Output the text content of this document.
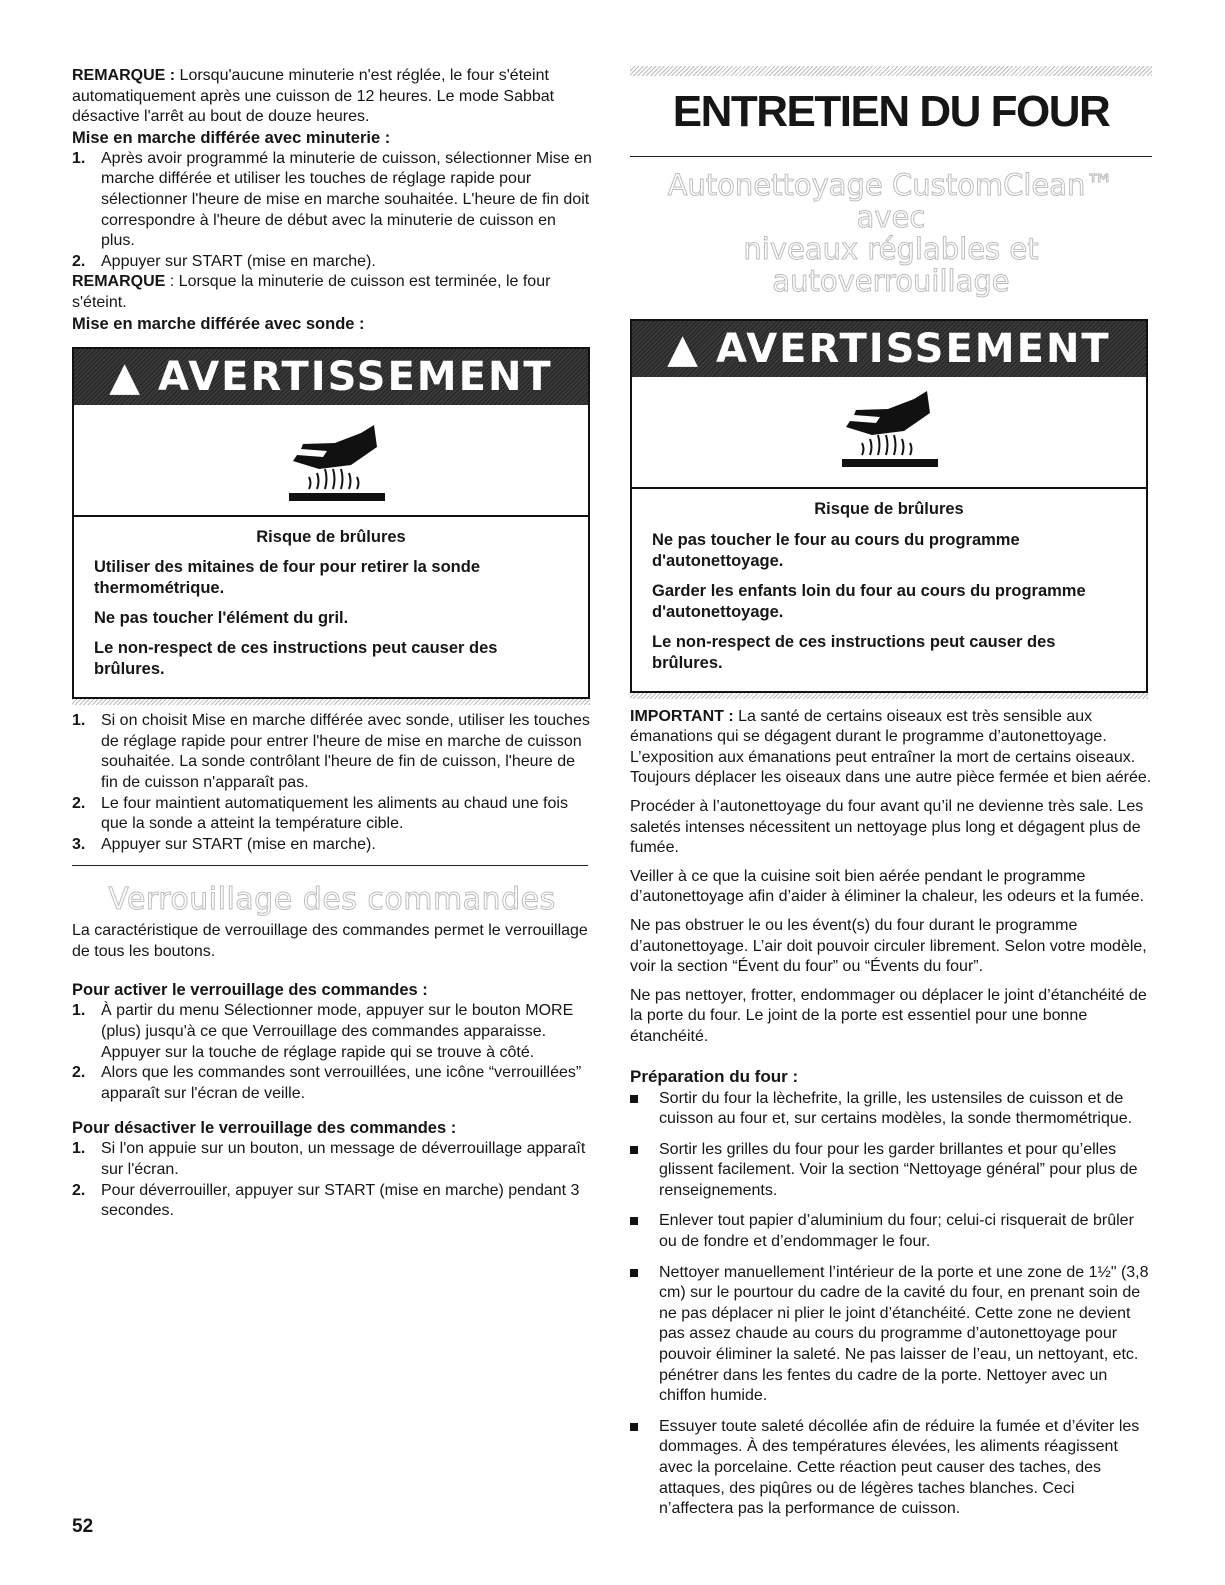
REMARQUE : Lorsqu'aucune minuterie n'est réglée, le four s'éteint automatiquement après une cuisson de 12 heures. Le mode Sabbat désactive l'arrêt au bout de douze heures.

Mise en marche différée avec minuterie :

1. Après avoir programmé la minuterie de cuisson, sélectionner Mise en marche différée et utiliser les touches de réglage rapide pour sélectionner l'heure de mise en marche souhaitée. L'heure de fin doit correspondre à l'heure de début avec la minuterie de cuisson en plus.
2. Appuyer sur START (mise en marche).

REMARQUE : Lorsque la minuterie de cuisson est terminée, le four s'éteint.

Mise en marche différée avec sonde :

▲ AVERTISSEMENT

Risque de brûlures

Utiliser des mitaines de four pour retirer la sonde thermométrique.

Ne pas toucher l'élément du gril.

Le non-respect de ces instructions peut causer des brûlures.

1. Si on choisit Mise en marche différée avec sonde, utiliser les touches de réglage rapide pour entrer l'heure de mise en marche de cuisson souhaitée. La sonde contrôlant l'heure de fin de cuisson, l'heure de fin de cuisson n'apparaît pas.
2. Le four maintient automatiquement les aliments au chaud une fois que la sonde a atteint la température cible.
3. Appuyer sur START (mise en marche).
Verrouillage des commandes

La caractéristique de verrouillage des commandes permet le verrouillage de tous les boutons.

Pour activer le verrouillage des commandes :

1. À partir du menu Sélectionner mode, appuyer sur le bouton MORE (plus) jusqu'à ce que Verrouillage des commandes apparaisse. Appuyer sur la touche de réglage rapide qui se trouve à côté.
2. Alors que les commandes sont verrouillées, une icône “verrouillées” apparaît sur l'écran de veille.

Pour désactiver le verrouillage des commandes :

1. Si l'on appuie sur un bouton, un message de déverrouillage apparaît sur l'écran.
2. Pour déverrouiller, appuyer sur START (mise en marche) pendant 3 secondes.

ENTRETIEN DU FOUR

Autonettoyage CustomClean™ avec
niveaux réglables et autoverrouillage
▲ AVERTISSEMENT

Risque de brûlures

Ne pas toucher le four au cours du programme d'autonettoyage.

Garder les enfants loin du four au cours du programme d'autonettoyage.

Le non-respect de ces instructions peut causer des brûlures.

IMPORTANT : La santé de certains oiseaux est très sensible aux émanations qui se dégagent durant le programme d’autonettoyage. L’exposition aux émanations peut entraîner la mort de certains oiseaux. Toujours déplacer les oiseaux dans une autre pièce fermée et bien aérée.

Procéder à l’autonettoyage du four avant qu’il ne devienne très sale. Les saletés intenses nécessitent un nettoyage plus long et dégagent plus de fumée.

Veiller à ce que la cuisine soit bien aérée pendant le programme d’autonettoyage afin d’aider à éliminer la chaleur, les odeurs et la fumée.

Ne pas obstruer le ou les évent(s) du four durant le programme d’autonettoyage. L’air doit pouvoir circuler librement. Selon votre modèle, voir la section “Évent du four” ou “Évents du four”.

Ne pas nettoyer, frotter, endommager ou déplacer le joint d’étanchéité de la porte du four. Le joint de la porte est essentiel pour une bonne étanchéité.

Préparation du four :

Sortir du four la lèchefrite, la grille, les ustensiles de cuisson et de cuisson au four et, sur certains modèles, la sonde thermométrique.
Sortir les grilles du four pour les garder brillantes et pour qu’elles glissent facilement. Voir la section “Nettoyage général” pour plus de renseignements.
Enlever tout papier d’aluminium du four; celui-ci risquerait de brûler ou de fondre et d’endommager le four.
Nettoyer manuellement l’intérieur de la porte et une zone de 1½" (3,8 cm) sur le pourtour du cadre de la cavité du four, en prenant soin de ne pas déplacer ni plier le joint d’étanchéité. Cette zone ne devient pas assez chaude au cours du programme d’autonettoyage pour pouvoir éliminer la saleté. Ne pas laisser de l’eau, un nettoyant, etc. pénétrer dans les fentes du cadre de la porte. Nettoyer avec un chiffon humide.
Essuyer toute saleté décollée afin de réduire la fumée et d’éviter les dommages. À des températures élevées, les aliments réagissent avec la porcelaine. Cette réaction peut causer des taches, des attaques, des piqûres ou de légères taches blanches. Ceci n’affectera pas la performance de cuisson.
52
